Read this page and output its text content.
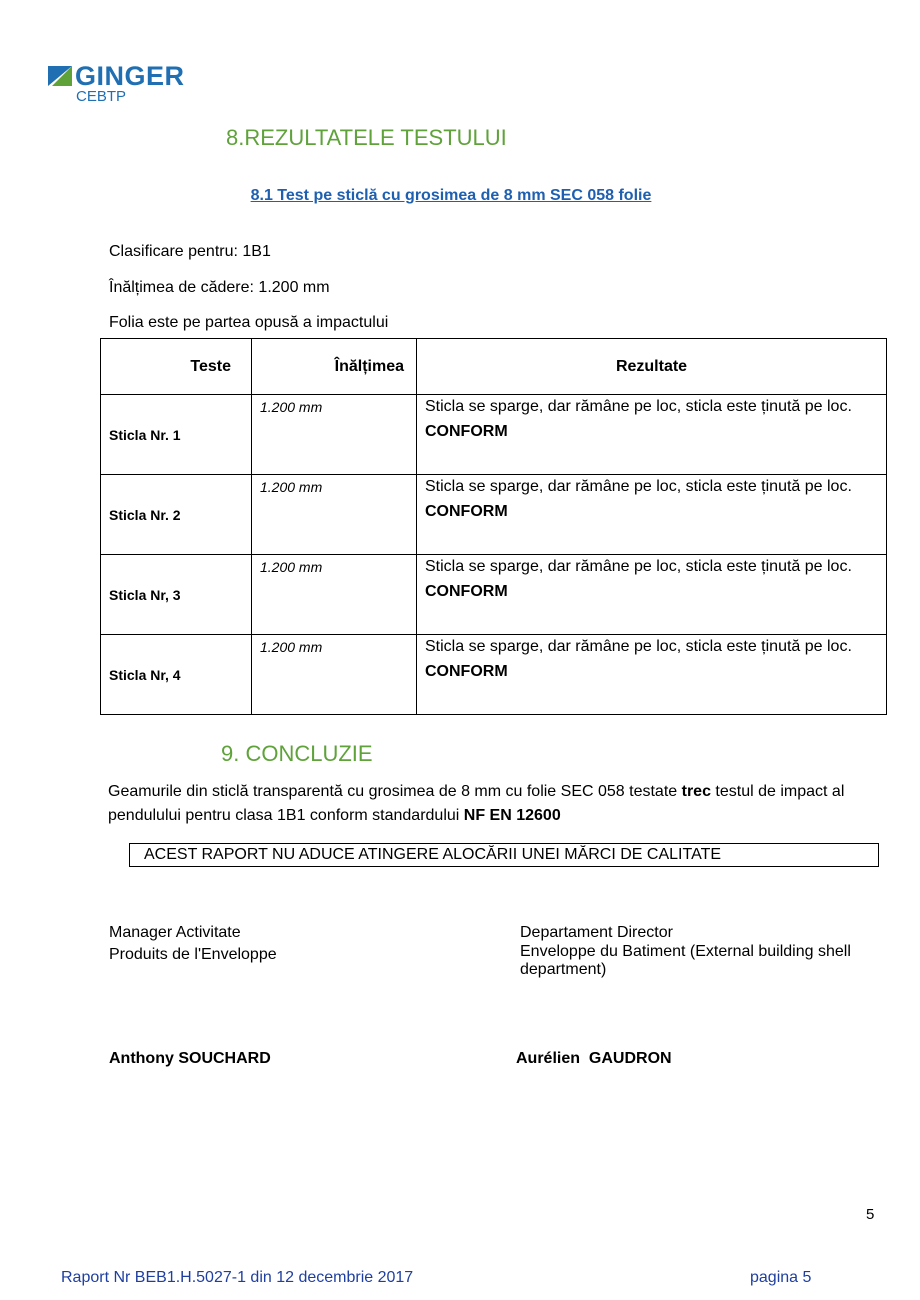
GINGER
CEBTP
8.REZULTATELE TESTULUI
8.1 Test pe sticlă cu grosimea de 8 mm SEC 058 folie
Clasificare pentru: 1B1
Înălțimea de cădere: 1.200 mm
Folia este pe partea opusă a impactului
Teste	Înălțimea	Rezultate
Sticla Nr. 1	1.200 mm	Sticla se sparge, dar rămâne pe loc, sticla este ținută pe loc.
CONFORM

Sticla Nr. 2	1.200 mm	Sticla se sparge, dar rămâne pe loc, sticla este ținută pe loc.
CONFORM

Sticla Nr, 3	1.200 mm	Sticla se sparge, dar rămâne pe loc, sticla este ținută pe loc.
CONFORM

Sticla Nr, 4	1.200 mm	Sticla se sparge, dar rămâne pe loc, sticla este ținută pe loc.
CONFORM
9. CONCLUZIE
Geamurile din sticlă transparentă cu grosimea de 8 mm cu folie SEC 058 testate trec testul de impact al pendulului pentru clasa 1B1 conform standardului NF EN 12600
ACEST RAPORT NU ADUCE ATINGERE ALOCĂRII UNEI MĂRCI DE CALITATE
Manager Activitate
Produits de l'Enveloppe
Departament Director
Enveloppe du Batiment (External building shell department)
Anthony SOUCHARD	Aurélien  GAUDRON
5
Raport Nr BEB1.H.5027-1 din 12 decembrie 2017	pagina 5
